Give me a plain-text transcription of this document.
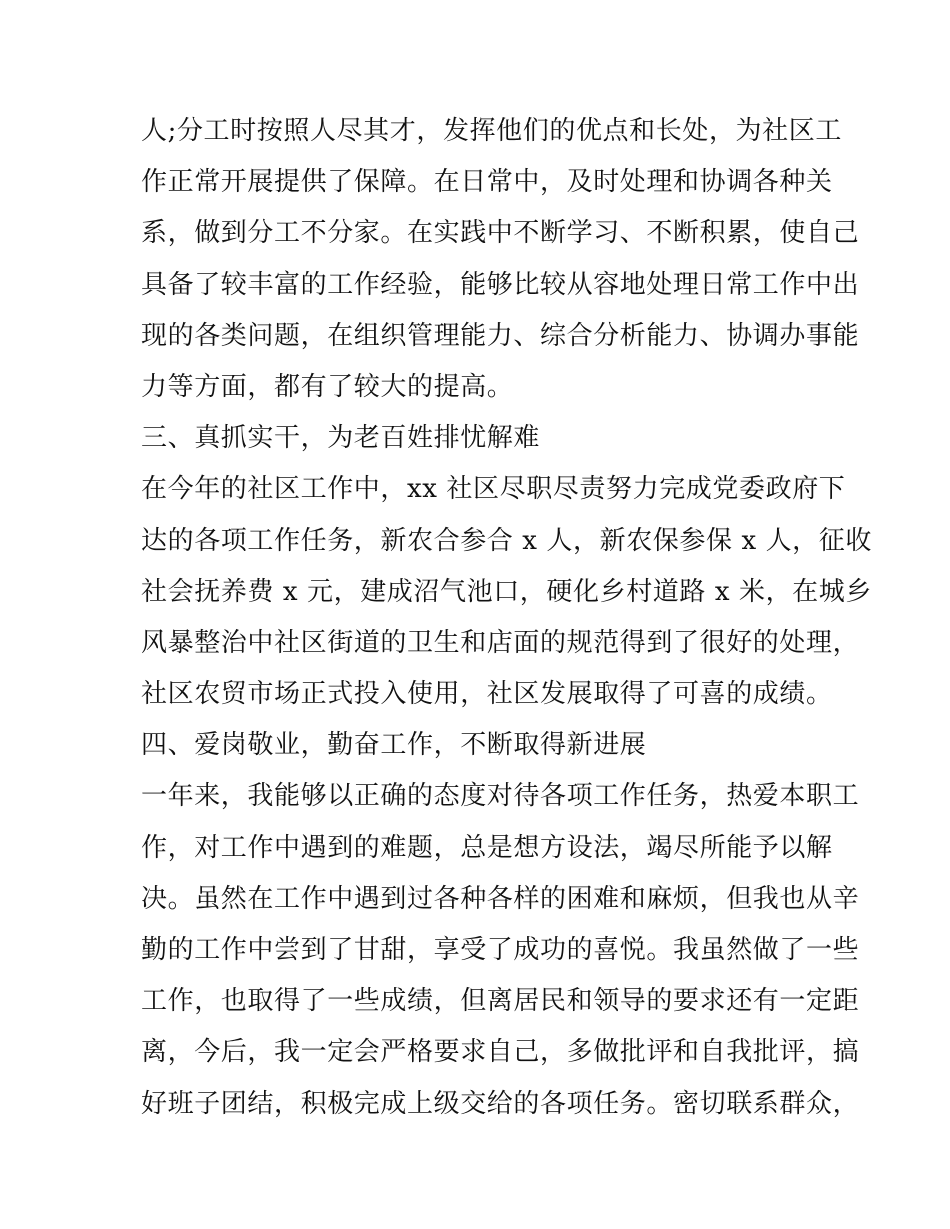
人;分工时按照人尽其才，发挥他们的优点和长处，为社区工
作正常开展提供了保障。在日常中，及时处理和协调各种关
系，做到分工不分家。在实践中不断学习、不断积累，使自己
具备了较丰富的工作经验，能够比较从容地处理日常工作中出
现的各类问题，在组织管理能力、综合分析能力、协调办事能
力等方面，都有了较大的提高。
三、真抓实干，为老百姓排忧解难
在今年的社区工作中，xx 社区尽职尽责努力完成党委政府下
达的各项工作任务，新农合参合 x 人，新农保参保 x 人，征收
社会抚养费 x 元，建成沼气池口，硬化乡村道路 x 米，在城乡
风暴整治中社区街道的卫生和店面的规范得到了很好的处理，
社区农贸市场正式投入使用，社区发展取得了可喜的成绩。
四、爱岗敬业，勤奋工作，不断取得新进展
一年来，我能够以正确的态度对待各项工作任务，热爱本职工
作，对工作中遇到的难题，总是想方设法，竭尽所能予以解
决。虽然在工作中遇到过各种各样的困难和麻烦，但我也从辛
勤的工作中尝到了甘甜，享受了成功的喜悦。我虽然做了一些
工作，也取得了一些成绩，但离居民和领导的要求还有一定距
离，今后，我一定会严格要求自己，多做批评和自我批评，搞
好班子团结，积极完成上级交给的各项任务。密切联系群众，
